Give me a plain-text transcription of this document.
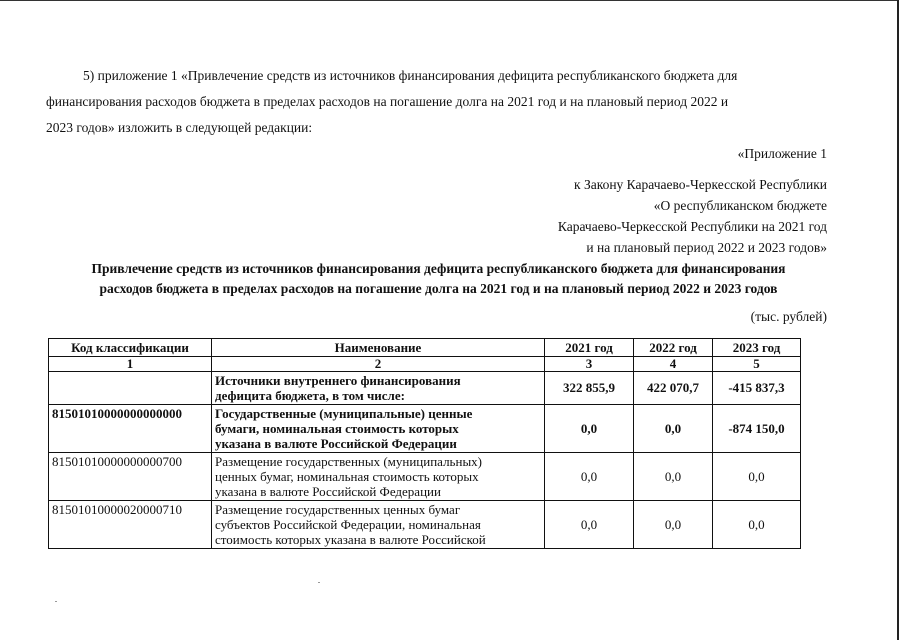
5) приложение 1 «Привлечение средств из источников финансирования дефицита республиканского бюджета для
финансирования расходов бюджета в пределах расходов на погашение долга на 2021 год и на плановый период 2022 и
2023 годов» изложить в следующей редакции:
«Приложение 1
к Закону Карачаево-Черкесской Республики
«О республиканском бюджете
Карачаево-Черкесской Республики на 2021 год
и на плановый период 2022 и 2023 годов»
Привлечение средств из источников финансирования дефицита республиканского бюджета для финансирования
расходов бюджета в пределах расходов на погашение долга на 2021 год и на плановый период 2022 и 2023 годов
(тыс. рублей)
Код классификации	Наименование	2021 год	2022 год	2023 год
1	2	3	4	5

	Источники внутреннего финансирования
дефицита бюджета, в том числе:	322 855,9	422 070,7	-415 837,3
81501010000000000000	Государственные (муниципальные) ценные
бумаги, номинальная стоимость которых
указана в валюте Российской Федерации	0,0	0,0	-874 150,0
81501010000000000700	Размещение государственных (муниципальных)
ценных бумаг, номинальная стоимость которых
указана в валюте Российской Федерации	0,0	0,0	0,0
81501010000020000710	Размещение государственных ценных бумаг
субъектов Российской Федерации, номинальная
стоимость которых указана в валюте Российской	0,0	0,0	0,0
